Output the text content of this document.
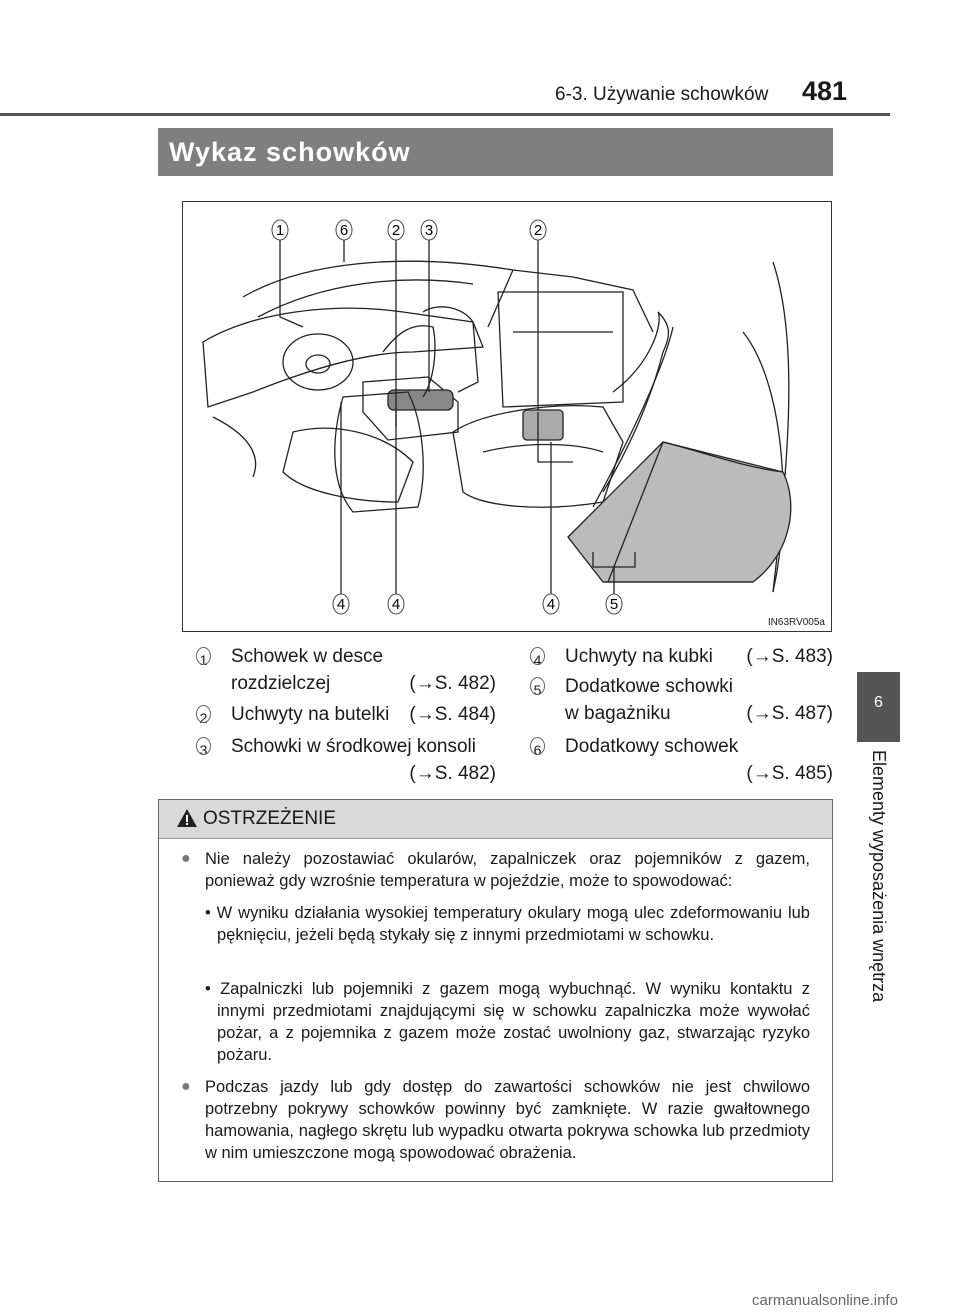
6-3. Używanie schowków 481
Wykaz schowków
6
Elementy wyposażenia wnętrza
1	6	2 3	2
4	4	4	5
IN63RV005a
1 Schowek w desce
rozdzielczej	(→S. 482)
2 Uchwyty na butelki (→S. 484)
3 Schowki w środkowej konsoli
(→S. 482)
4 Uchwyty na kubki (→S. 483)
5 Dodatkowe schowki
w bagażniku	(→S. 487)
6 Dodatkowy schowek
(→S. 485)
OSTRZEŻENIE
● Nie należy pozostawiać okularów, zapalniczek oraz pojemników z gazem, ponieważ gdy wzrośnie temperatura w pojeździe, może to spowodować:
• W wyniku działania wysokiej temperatury okulary mogą ulec zdeformowaniu lub pęknięciu, jeżeli będą stykały się z innymi przedmiotami w schowku.
• Zapalniczki lub pojemniki z gazem mogą wybuchnąć. W wyniku kontaktu z innymi przedmiotami znajdującymi się w schowku zapalniczka może wywołać pożar, a z pojemnika z gazem może zostać uwolniony gaz, stwarzając ryzyko pożaru.
● Podczas jazdy lub gdy dostęp do zawartości schowków nie jest chwilowo potrzebny pokrywy schowków powinny być zamknięte. W razie gwałtownego hamowania, nagłego skrętu lub wypadku otwarta pokrywa schowka lub przedmioty w nim umieszczone mogą spowodować obrażenia.
carmanualsonline.info
